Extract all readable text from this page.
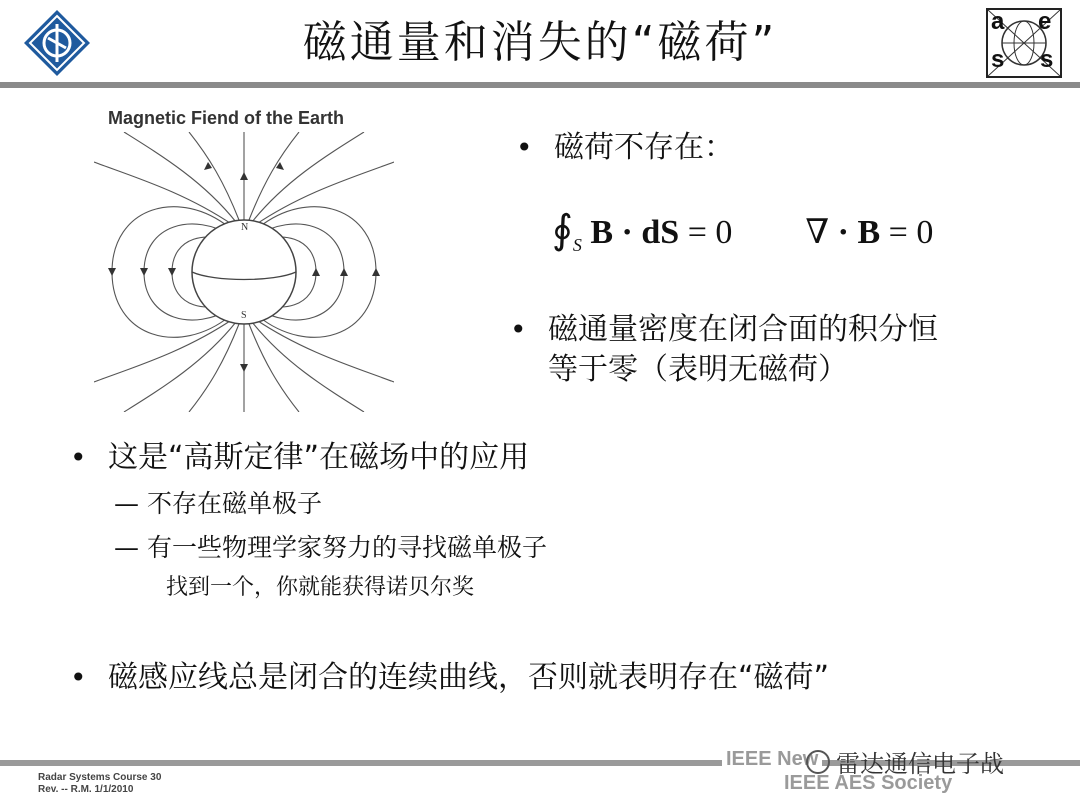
磁通量和消失的“磁荷”	a e
s s
Magnetic Fiend of the Earth
N
S
• 磁荷不存在：
$∮_S$ B · dS = 0 ∇ · B = 0
• 磁通量密度在闭合面的积分恒
等于零（表明无磁荷）
• 这是“高斯定律”在磁场中的应用
— 不存在磁单极子
— 有一些物理学家努力的寻找磁单极子
找到一个，你就能获得诺贝尔奖
• 磁感应线总是闭合的连续曲线，否则就表明存在“磁荷”
Radar Systems Course 30
Rev. -- R.M. 1/1/2010
IEEE New
IEEE AES Society
雷达通信电子战
